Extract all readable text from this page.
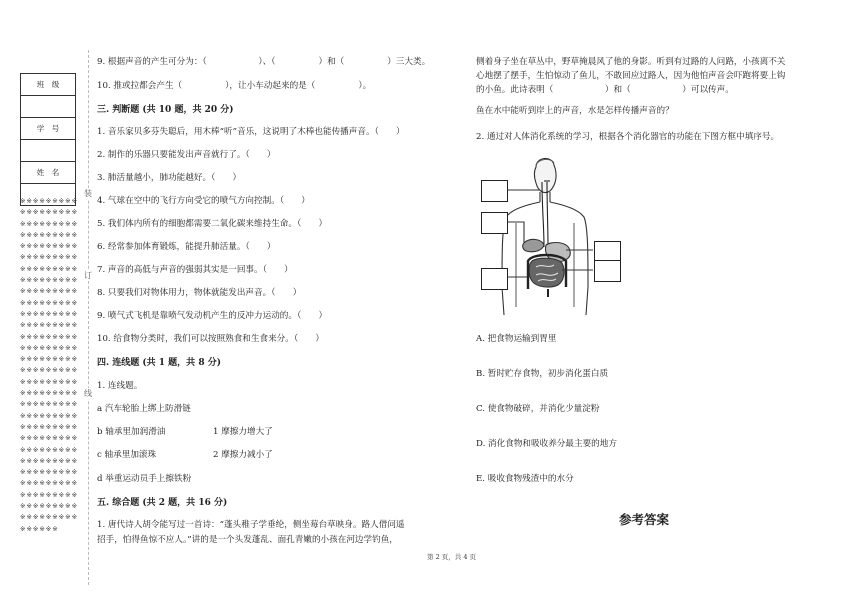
班　级

学　号

姓　名

※※※※※※※※※※※※※※※※※※※※※※※※※※※※※※※※※※※※※※※※※※※※※※※※※※※※※※※※※※※※※※※※※※※※※※※※※※※※※※※※※※※※※※※※※※※※※※※※※※※※※※※※※※※※※※※※※※※※※※※※※※※※※※※※※※※※※※※※※※※※※※※※※※※※※※※※※※※※※※※※※※※※※※※※※※※※※※※※※※※※※※※※※※※※※※※※※※※※※※※※※※※※※※※※※※※※※※※※※※※※※※※※※※※※※※※※※※※※※※※※※※※※※※※※※※※※※※※※※※※※※※※※※※※
装
订
线
9. 根据声音的产生可分为：（　　　　　　）、（　　　　　）和（　　　　　）三大类。
10. 推或拉都会产生（　　　　　），让小车动起来的是（　　　　　）。
三. 判断题 (共 10 题，共 20 分)
1. 音乐家贝多芬失聪后，用木棒“听”音乐，这说明了木棒也能传播声音。（　　）
2. 制作的乐器只要能发出声音就行了。（　　）
3. 肺活量越小，肺功能越好。（　　）
4. 气球在空中的飞行方向受它的喷气方向控制。（　　）
5. 我们体内所有的细胞都需要二氧化碳来维持生命。（　　）
6. 经常参加体育锻炼，能提升肺活量。（　　）
7. 声音的高低与声音的强弱其实是一回事。（　　）
8. 只要我们对物体用力，物体就能发出声音。（　　）
9. 喷气式飞机是靠喷气发动机产生的反冲力运动的。（　　）
10. 给食物分类时，我们可以按照熟食和生食来分。（　　）
四. 连线题 (共 1 题，共 8 分)
1. 连线题。
a 汽车轮胎上绑上防滑链
b 轴承里加润滑油	1 摩擦力增大了
c 轴承里加滚珠	2 摩擦力减小了
d 举重运动员手上擦铁粉
五. 综合题 (共 2 题，共 16 分)
1. 唐代诗人胡令能写过一首诗：“蓬头稚子学垂纶，侧坐莓台草映身。路人借问遥
招手，怕得鱼惊不应人。”讲的是一个头发蓬乱、面孔青嫩的小孩在河边学钓鱼，
侧着身子坐在草丛中，野草掩晨风了他的身影。听到有过路的人问路，小孩离不关
心地摆了摆手，生怕惊动了鱼儿，不敢回应过路人，因为他怕声音会吓跑将要上钩
的小鱼。此诗表明（　　　　　　）和（　　　　　　）可以传声。
鱼在水中能听到岸上的声音，水是怎样传播声音的？
2. 通过对人体消化系统的学习，根据各个消化器官的功能在下图方框中填序号。
A. 把食物运输到胃里
B. 暂时贮存食物，初步消化蛋白质
C. 使食物破碎，并消化少量淀粉
D. 消化食物和吸收养分最主要的地方
E. 吸收食物残渣中的水分
参考答案
第 2 页，共 4 页
